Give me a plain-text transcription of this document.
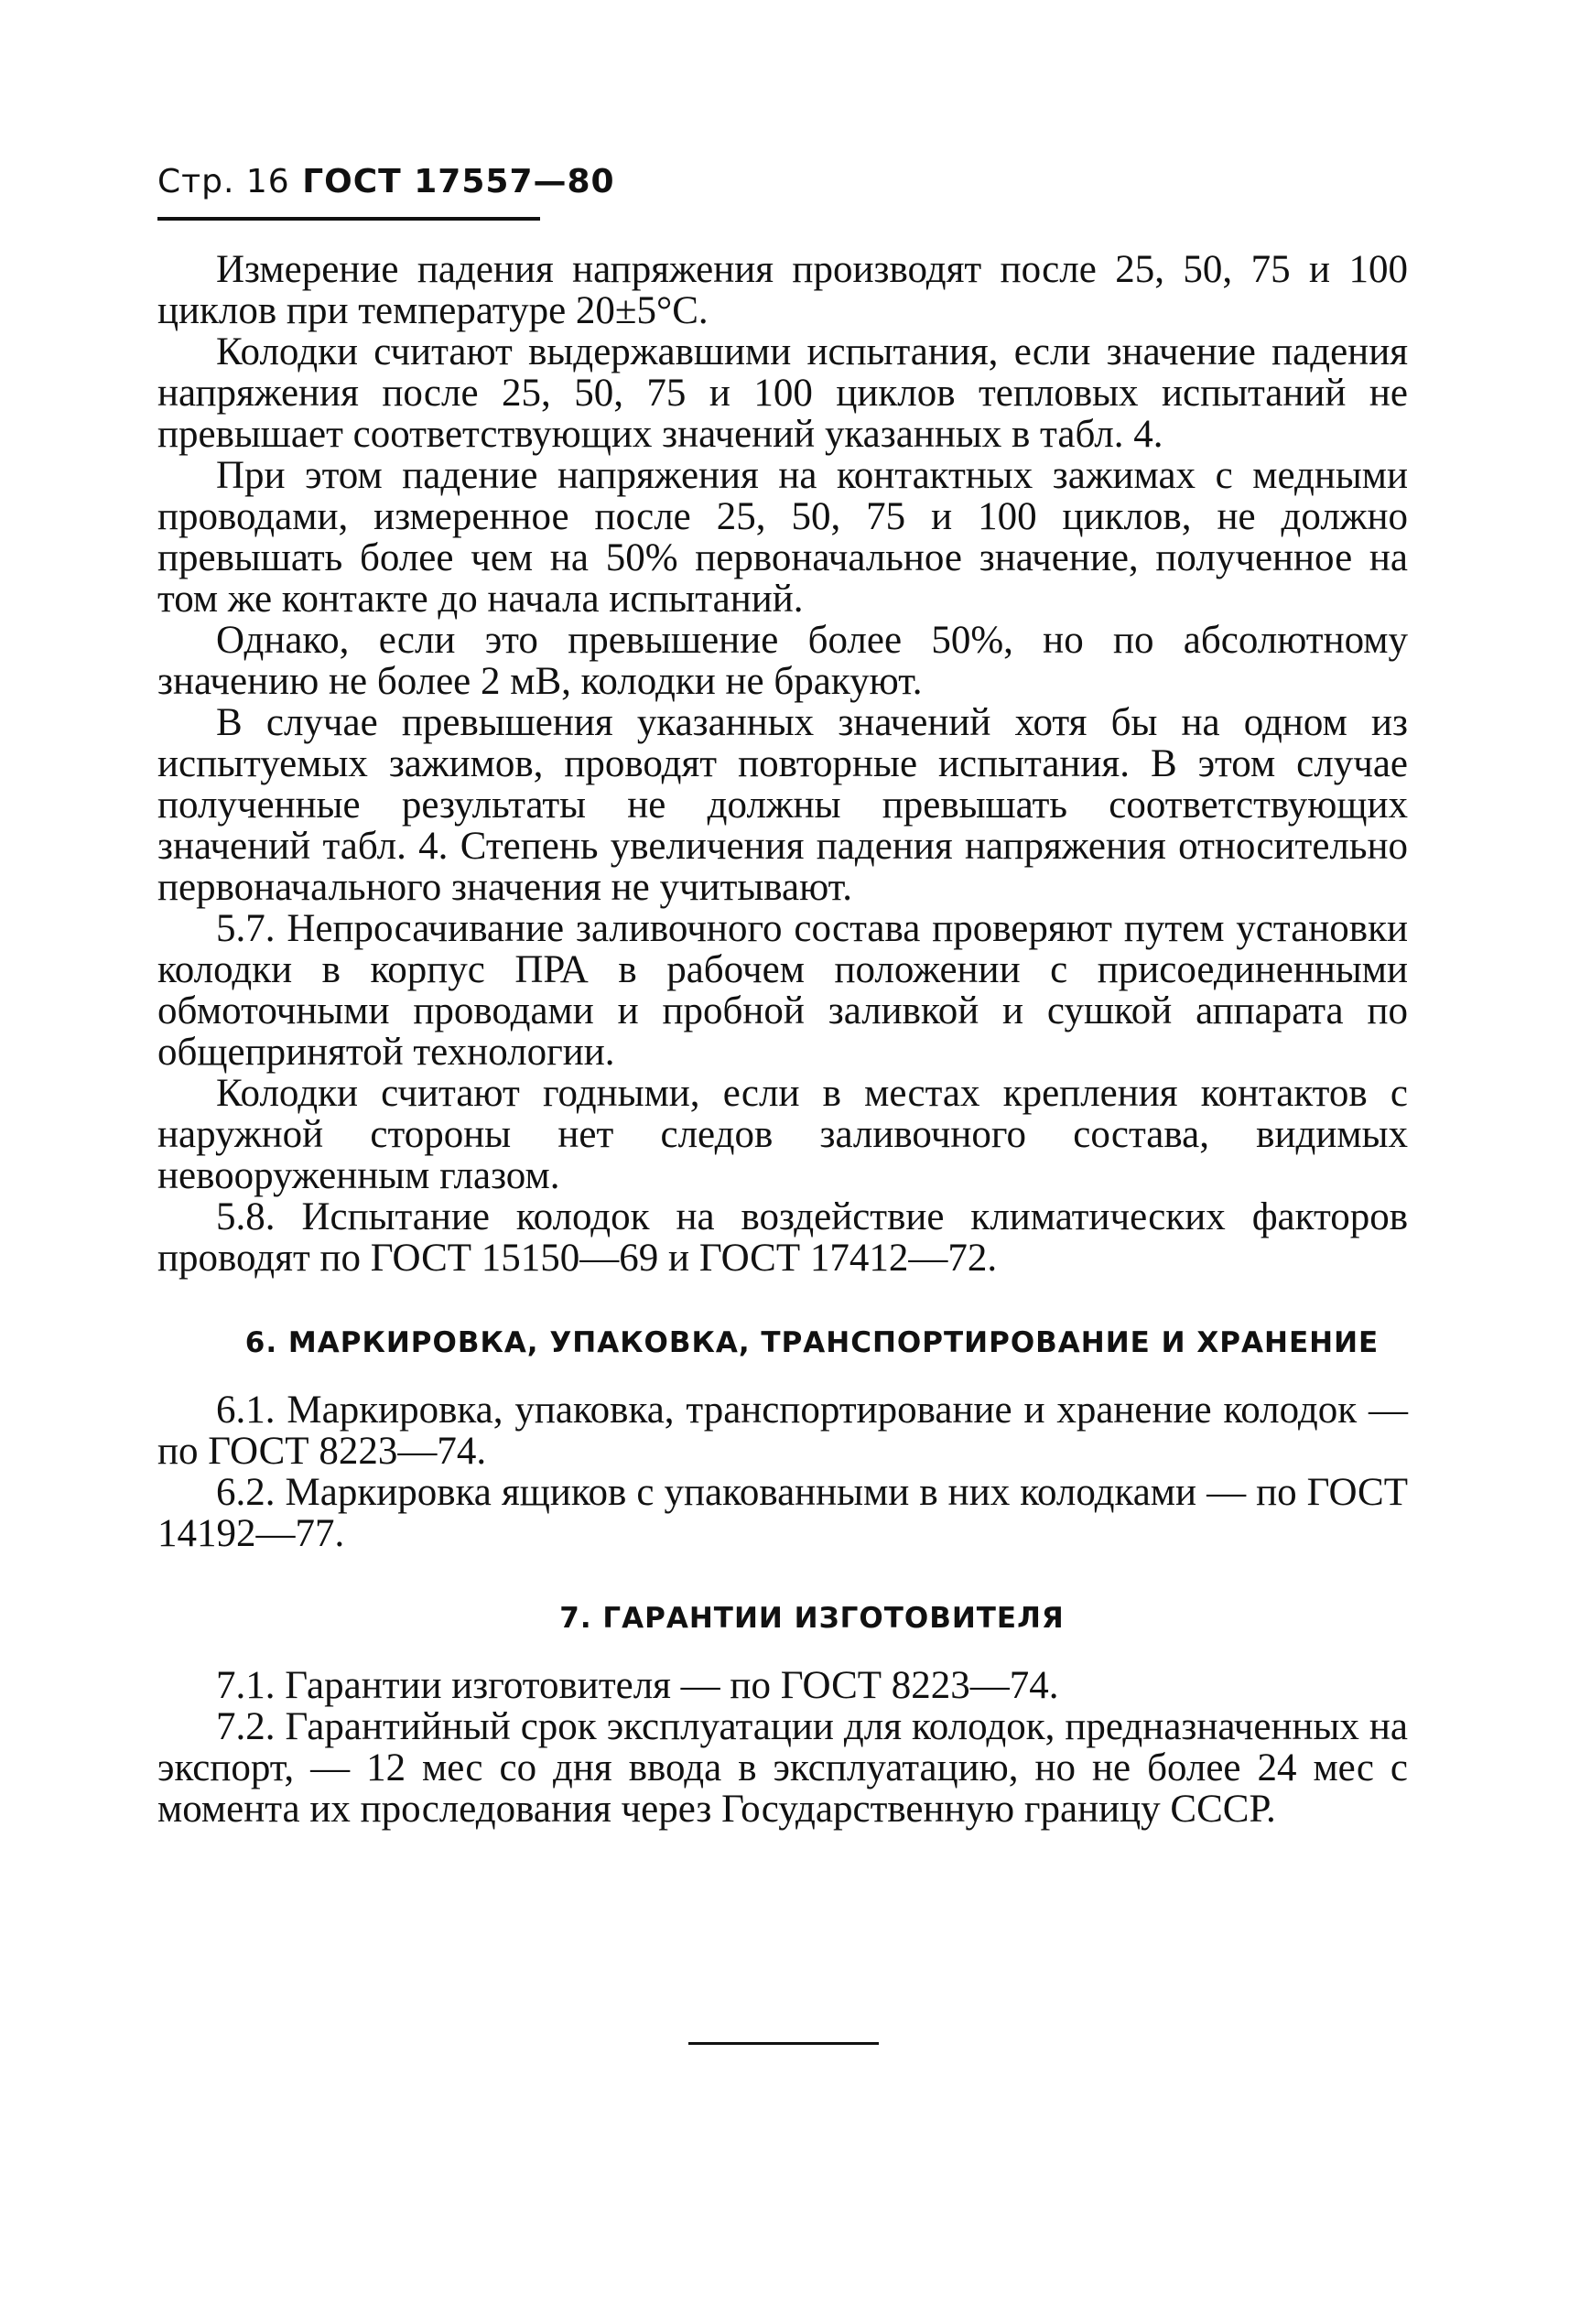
Стр. 16 ГОСТ 17557—80

Измерение падения напряжения производят после 25, 50, 75 и 100 циклов при температуре 20±5°С.

Колодки считают выдержавшими испытания, если значение падения напряжения после 25, 50, 75 и 100 циклов тепловых испытаний не превышает соответствующих значений указанных в табл. 4.

При этом падение напряжения на контактных зажимах с медными проводами, измеренное после 25, 50, 75 и 100 циклов, не должно превышать более чем на 50% первоначальное значение, полученное на том же контакте до начала испытаний.

Однако, если это превышение более 50%, но по абсолютному значению не более 2 мВ, колодки не бракуют.

В случае превышения указанных значений хотя бы на одном из испытуемых зажимов, проводят повторные испытания. В этом случае полученные результаты не должны превышать соответствующих значений табл. 4. Степень увеличения падения напряжения относительно первоначального значения не учитывают.

5.7. Непросачивание заливочного состава проверяют путем установки колодки в корпус ПРА в рабочем положении с присоединенными обмоточными проводами и пробной заливкой и сушкой аппарата по общепринятой технологии.

Колодки считают годными, если в местах крепления контактов с наружной стороны нет следов заливочного состава, видимых невооруженным глазом.

5.8. Испытание колодок на воздействие климатических факторов проводят по ГОСТ 15150—69 и ГОСТ 17412—72.

6. МАРКИРОВКА, УПАКОВКА, ТРАНСПОРТИРОВАНИЕ И ХРАНЕНИЕ

6.1. Маркировка, упаковка, транспортирование и хранение колодок — по ГОСТ 8223—74.

6.2. Маркировка ящиков с упакованными в них колодками — по ГОСТ 14192—77.

7. ГАРАНТИИ ИЗГОТОВИТЕЛЯ

7.1. Гарантии изготовителя — по ГОСТ 8223—74.

7.2. Гарантийный срок эксплуатации для колодок, предназначенных на экспорт, — 12 мес со дня ввода в эксплуатацию, но не более 24 мес с момента их проследования через Государственную границу СССР.
